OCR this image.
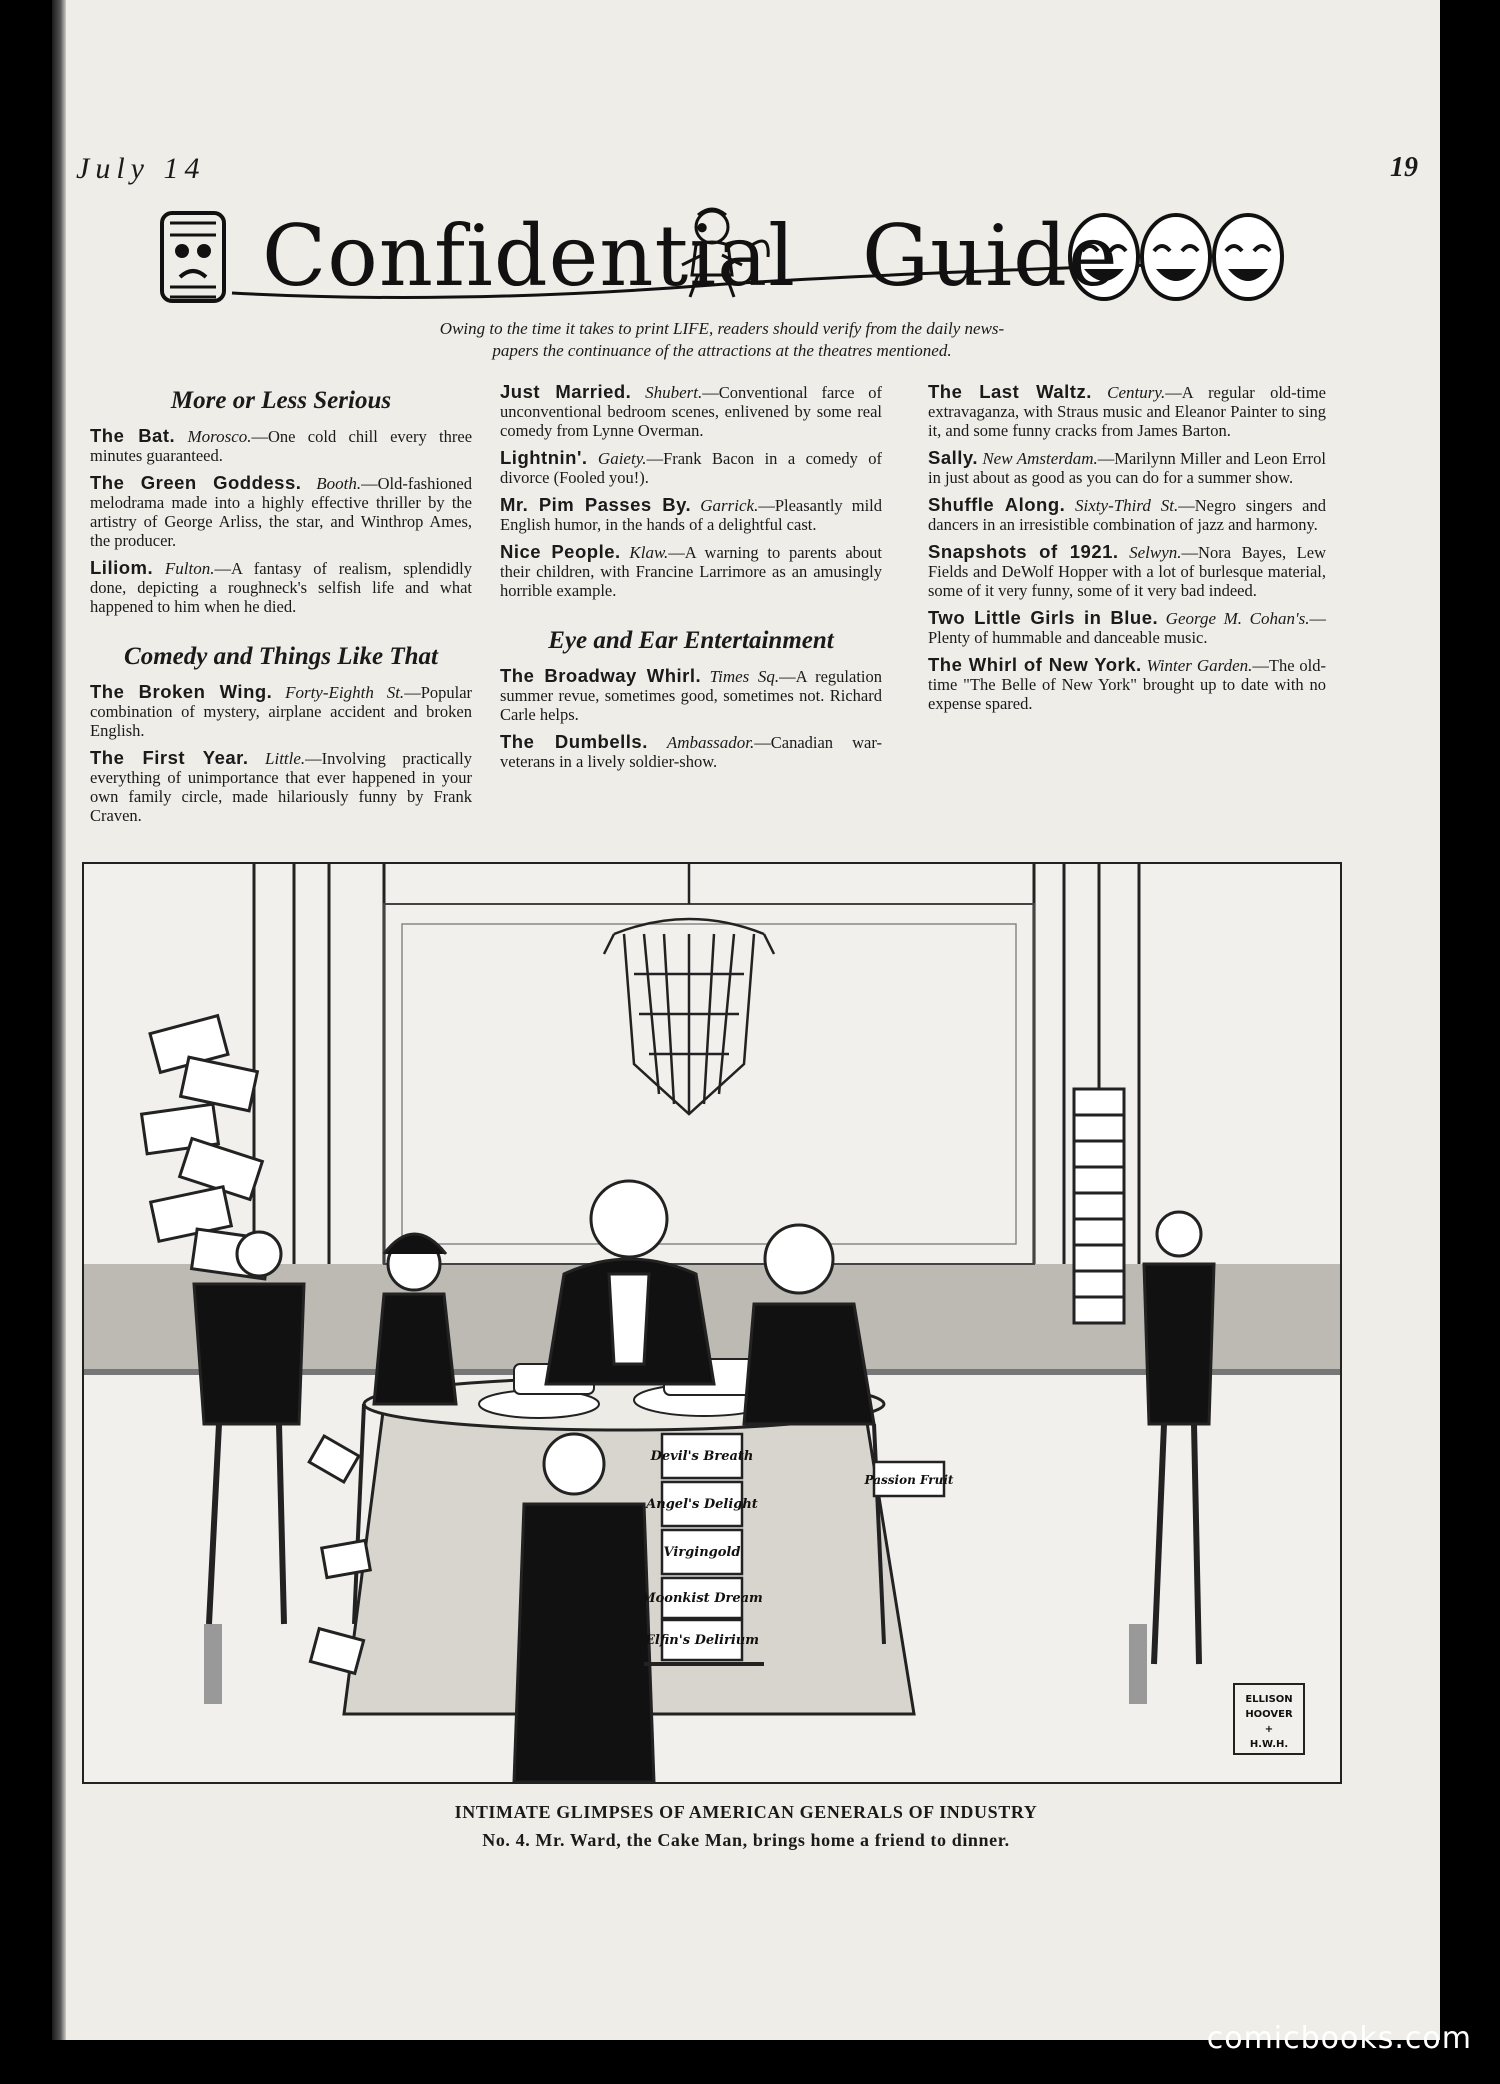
July 14	19
Confidential Guide
Owing to the time it takes to print LIFE, readers should verify from the daily news-
papers the continuance of the attractions at the theatres mentioned.
More or Less Serious
The Bat. Morosco.—One cold chill every three minutes guaranteed.
The Green Goddess. Booth.—Old-fashioned melodrama made into a highly effective thriller by the artistry of George Arliss, the star, and Winthrop Ames, the producer.
Liliom. Fulton.—A fantasy of realism, splendidly done, depicting a roughneck's selfish life and what happened to him when he died.
Comedy and Things Like That
The Broken Wing. Forty-Eighth St.—Popular combination of mystery, airplane accident and broken English.
The First Year. Little.—Involving practically everything of unimportance that ever happened in your own family circle, made hilariously funny by Frank Craven.
Just Married. Shubert.—Conventional farce of unconventional bedroom scenes, enlivened by some real comedy from Lynne Overman.
Lightnin'. Gaiety.—Frank Bacon in a comedy of divorce (Fooled you!).
Mr. Pim Passes By. Garrick.—Pleasantly mild English humor, in the hands of a delightful cast.
Nice People. Klaw.—A warning to parents about their children, with Francine Larrimore as an amusingly horrible example.
Eye and Ear Entertainment
The Broadway Whirl. Times Sq.—A regulation summer revue, sometimes good, sometimes not. Richard Carle helps.
The Dumbells. Ambassador.—Canadian war-veterans in a lively soldier-show.
The Last Waltz. Century.—A regular old-time extravaganza, with Straus music and Eleanor Painter to sing it, and some funny cracks from James Barton.
Sally. New Amsterdam.—Marilynn Miller and Leon Errol in just about as good as you can do for a summer show.
Shuffle Along. Sixty-Third St.—Negro singers and dancers in an irresistible combination of jazz and harmony.
Snapshots of 1921. Selwyn.—Nora Bayes, Lew Fields and DeWolf Hopper with a lot of burlesque material, some of it very funny, some of it very bad indeed.
Two Little Girls in Blue. George M. Cohan's.—Plenty of hummable and danceable music.
The Whirl of New York. Winter Garden.—The old-time "The Belle of New York" brought up to date with no expense spared.
Devil's Breath
Angel's Delight
Virgingold
Moonkist Dream
Elfin's Delirium
Passion Fruit
ELLISON
HOOVER
+
H.W.H.
INTIMATE GLIMPSES OF AMERICAN GENERALS OF INDUSTRY
No. 4. Mr. Ward, the Cake Man, brings home a friend to dinner.
comicbooks.com
